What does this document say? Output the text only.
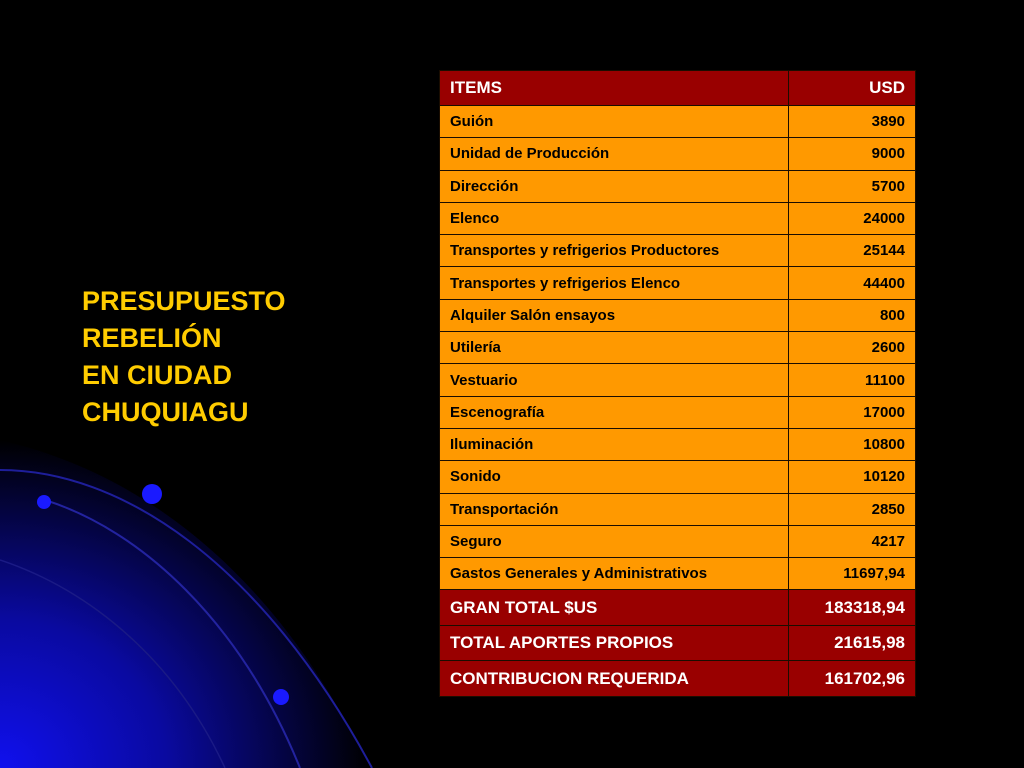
PRESUPUESTO
REBELIÓN
EN CIUDAD
CHUQUIAGU
ITEMS	USD
Guión	3890
Unidad de Producción	9000
Dirección	5700
Elenco	24000
Transportes y refrigerios Productores	25144
Transportes y refrigerios Elenco	44400
Alquiler Salón ensayos	800
Utilería	2600
Vestuario	11100
Escenografía	17000
Iluminación	10800
Sonido	10120
Transportación	2850
Seguro	4217
Gastos Generales y Administrativos	11697,94
GRAN TOTAL $US	183318,94
TOTAL APORTES PROPIOS	21615,98
CONTRIBUCION REQUERIDA	161702,96
